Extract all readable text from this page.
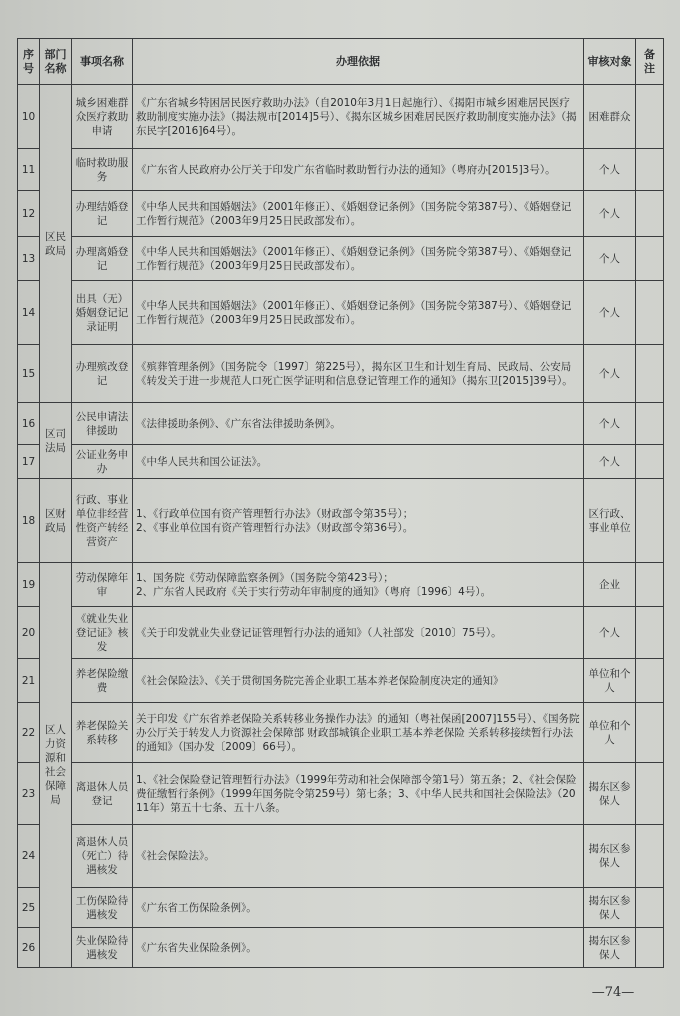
序号	部门名称	事项名称	办理依据	审核对象	备注
10	区民政局	城乡困难群众医疗救助申请	《广东省城乡特困居民医疗救助办法》（自2010年3月1日起施行）、《揭阳市城乡困难居民医疗救助制度实施办法》（揭法规市[2014]5号）、《揭东区城乡困难居民医疗救助制度实施办法》（揭东民字[2016]64号）。	困难群众	
11		临时救助服务	《广东省人民政府办公厅关于印发广东省临时救助暂行办法的通知》（粤府办[2015]3号）。	个人	
12		办理结婚登记	《中华人民共和国婚姻法》（2001年修正）、《婚姻登记条例》（国务院令第387号）、《婚姻登记工作暂行规范》（2003年9月25日民政部发布）。	个人	
13		办理离婚登记	《中华人民共和国婚姻法》（2001年修正）、《婚姻登记条例》（国务院令第387号）、《婚姻登记工作暂行规范》（2003年9月25日民政部发布）。	个人	
14		出具（无）婚姻登记记录证明	《中华人民共和国婚姻法》（2001年修正）、《婚姻登记条例》（国务院令第387号）、《婚姻登记工作暂行规范》（2003年9月25日民政部发布）。	个人	
15		办理殡改登记	《殡葬管理条例》（国务院令〔1997〕第225号），揭东区卫生和计划生育局、民政局、公安局《转发关于进一步规范人口死亡医学证明和信息登记管理工作的通知》（揭东卫[2015]39号）。	个人	
16	区司法局	公民申请法律援助	《法律援助条例》、《广东省法律援助条例》。	个人	
17		公证业务申办	《中华人民共和国公证法》。	个人	
18	区财政局	行政、事业单位非经营性资产转经营资产	1、《行政单位国有资产管理暂行办法》（财政部令第35号）；
2、《事业单位国有资产管理暂行办法》（财政部令第36号）。	区行政、事业单位	
19	区人力资源和社会保障局	劳动保障年审	1、国务院《劳动保障监察条例》（国务院令第423号）；
2、广东省人民政府《关于实行劳动年审制度的通知》（粤府〔1996〕4号）。	企业	
20		《就业失业登记证》核发	《关于印发就业失业登记证管理暂行办法的通知》（人社部发〔2010〕75号）。	个人	
21		养老保险缴费	《社会保险法》、《关于贯彻国务院完善企业职工基本养老保险制度决定的通知》	单位和个人	
22		养老保险关系转移	关于印发《广东省养老保险关系转移业务操作办法》的通知（粤社保函[2007]155号）、《国务院办公厅关于转发人力资源社会保障部 财政部城镇企业职工基本养老保险 关系转移接续暂行办法的通知》（国办发〔2009〕66号）。	单位和个人	
23		离退休人员登记	1、《社会保险登记管理暂行办法》（1999年劳动和社会保障部令第1号）第五条；2、《社会保险费征缴暂行条例》（1999年国务院令第259号）第七条；3、《中华人民共和国社会保险法》（2011年）第五十七条、五十八条。	揭东区参保人	
24		离退休人员（死亡）待遇核发	《社会保险法》。	揭东区参保人	
25		工伤保险待遇核发	《广东省工伤保险条例》。	揭东区参保人	
26		失业保险待遇核发	《广东省失业保险条例》。	揭东区参保人	
—74—
